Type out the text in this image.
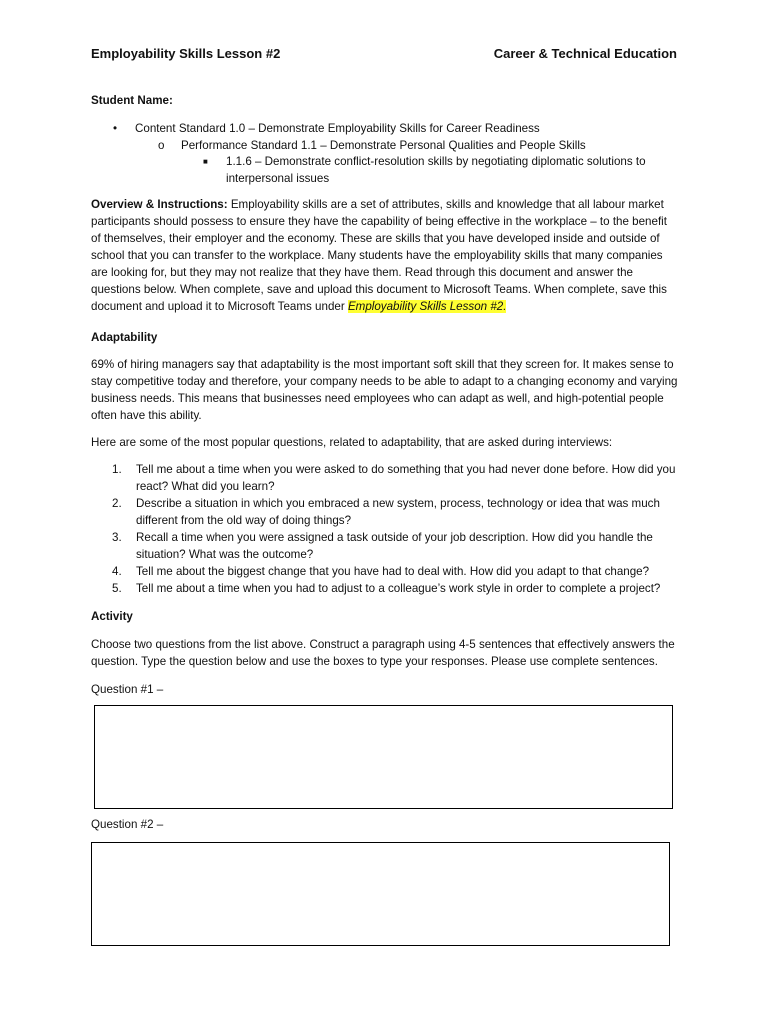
Employability Skills Lesson #2	Career & Technical Education
Student Name:
• Content Standard 1.0 – Demonstrate Employability Skills for Career Readiness
o Performance Standard 1.1 – Demonstrate Personal Qualities and People Skills
■ 1.1.6 – Demonstrate conflict-resolution skills by negotiating diplomatic solutions to
interpersonal issues
Overview & Instructions: Employability skills are a set of attributes, skills and knowledge that all labour market participants should possess to ensure they have the capability of being effective in the workplace – to the benefit of themselves, their employer and the economy. These are skills that you have developed inside and outside of school that you can transfer to the workplace. Many students have the employability skills that many companies are looking for, but they may not realize that they have them. Read through this document and answer the questions below. When complete, save and upload this document to Microsoft Teams. When complete, save this document and upload it to Microsoft Teams under Employability Skills Lesson #2.
Adaptability
69% of hiring managers say that adaptability is the most important soft skill that they screen for. It makes sense to stay competitive today and therefore, your company needs to be able to adapt to a changing economy and varying business needs. This means that businesses need employees who can adapt as well, and high-potential people often have this ability.
Here are some of the most popular questions, related to adaptability, that are asked during interviews:
1. Tell me about a time when you were asked to do something that you had never done before. How did you react? What did you learn?
2. Describe a situation in which you embraced a new system, process, technology or idea that was much different from the old way of doing things?
3. Recall a time when you were assigned a task outside of your job description. How did you handle the situation? What was the outcome?
4. Tell me about the biggest change that you have had to deal with. How did you adapt to that change?
5. Tell me about a time when you had to adjust to a colleague’s work style in order to complete a project?
Activity
Choose two questions from the list above. Construct a paragraph using 4-5 sentences that effectively answers the question. Type the question below and use the boxes to type your responses. Please use complete sentences.
Question #1 –
Question #2 –
